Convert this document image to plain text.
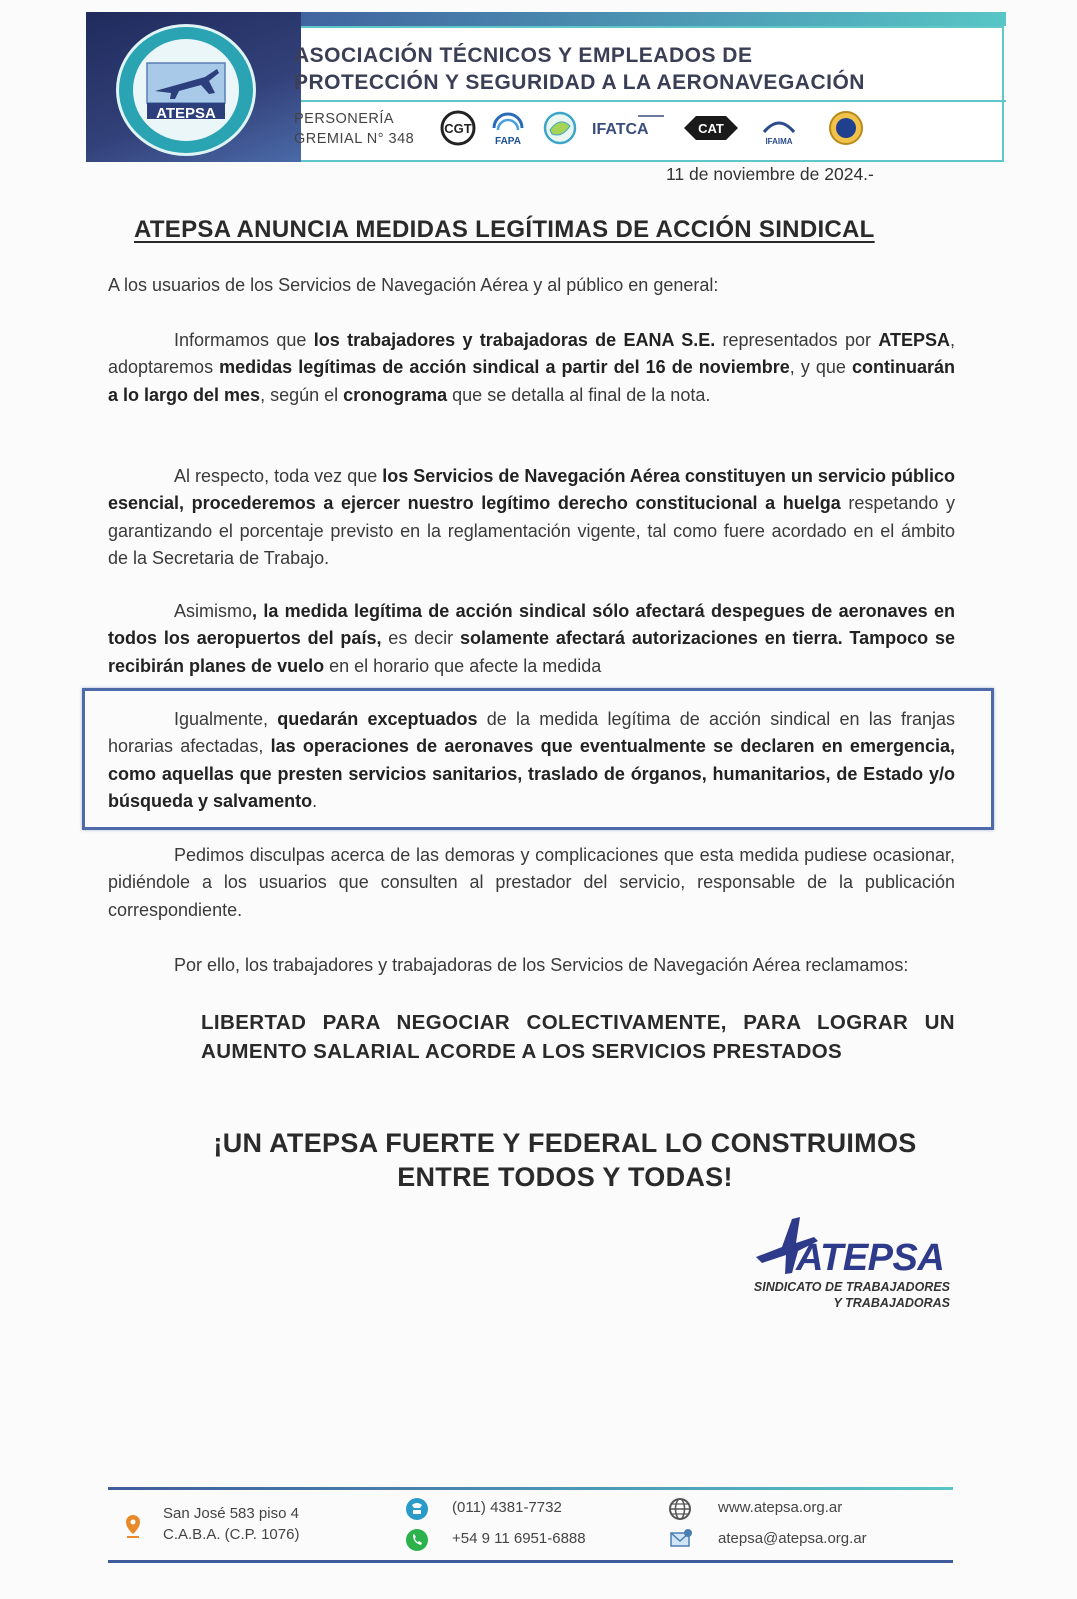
ATEPSA
ASOCIACIÓN TÉCNICOS Y EMPLEADOS DE
PROTECCIÓN Y SEGURIDAD A LA AERONAVEGACIÓN
PERSONERÍA
GREMIAL N° 348
CGT
FAPA
IFATCA	CAT
IFAIMA
11 de noviembre de 2024.-
ATEPSA ANUNCIA MEDIDAS LEGÍTIMAS DE ACCIÓN SINDICAL
A los usuarios de los Servicios de Navegación Aérea y al público en general:
Informamos que los trabajadores y trabajadoras de EANA S.E. representados por ATEPSA, adoptaremos medidas legítimas de acción sindical a partir del 16 de noviembre, y que continuarán a lo largo del mes, según el cronograma que se detalla al final de la nota.
Al respecto, toda vez que los Servicios de Navegación Aérea constituyen un servicio público esencial, procederemos a ejercer nuestro legítimo derecho constitucional a huelga respetando y garantizando el porcentaje previsto en la reglamentación vigente, tal como fuere acordado en el ámbito de la Secretaria de Trabajo.
Asimismo, la medida legítima de acción sindical sólo afectará despegues de aeronaves en todos los aeropuertos del país, es decir solamente afectará autorizaciones en tierra. Tampoco se recibirán planes de vuelo en el horario que afecte la medida
Igualmente, quedarán exceptuados de la medida legítima de acción sindical en las franjas horarias afectadas, las operaciones de aeronaves que eventualmente se declaren en emergencia, como aquellas que presten servicios sanitarios, traslado de órganos, humanitarios, de Estado y/o búsqueda y salvamento.
Pedimos disculpas acerca de las demoras y complicaciones que esta medida pudiese ocasionar, pidiéndole a los usuarios que consulten al prestador del servicio, responsable de la publicación correspondiente.
Por ello, los trabajadores y trabajadoras de los Servicios de Navegación Aérea reclamamos:
LIBERTAD PARA NEGOCIAR COLECTIVAMENTE, PARA LOGRAR UN AUMENTO SALARIAL ACORDE A LOS SERVICIOS PRESTADOS
¡UN ATEPSA FUERTE Y FEDERAL LO CONSTRUIMOS
ENTRE TODOS Y TODAS!
ATEPSA
SINDICATO DE TRABAJADORES
Y TRABAJADORAS
San José 583 piso 4
C.A.B.A. (C.P. 1076)
(011) 4381-7732
+54 9 11 6951-6888
www.atepsa.org.ar
atepsa@atepsa.org.ar
